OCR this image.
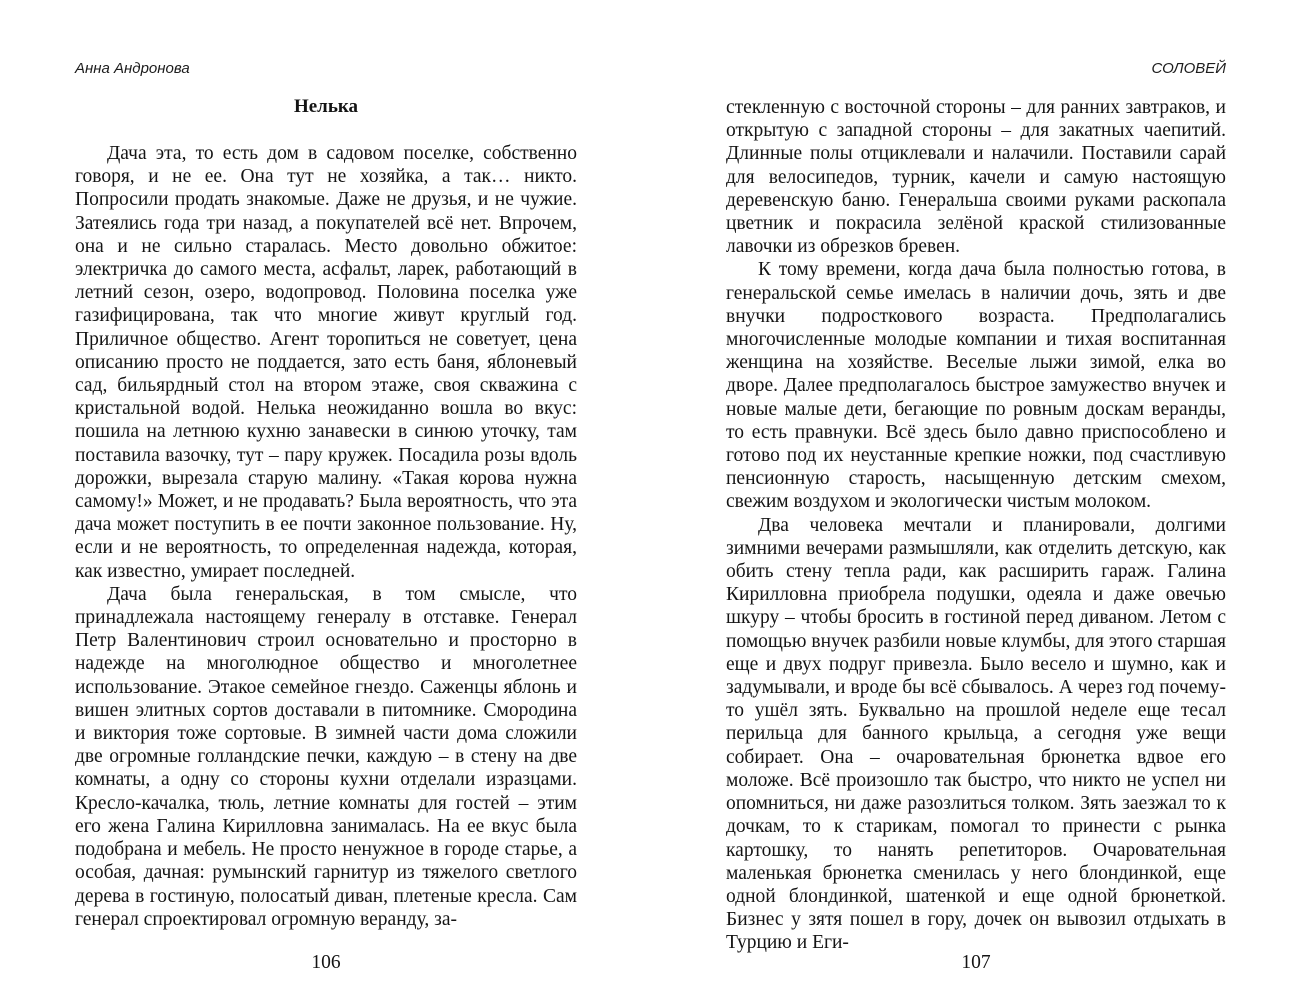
Анна Андронова
Нелька

Дача эта, то есть дом в садовом поселке, собственно говоря, и не ее. Она тут не хозяйка, а так… никто. Попросили продать знакомые. Даже не друзья, и не чужие. Затеялись года три назад, а покупателей всё нет. Впрочем, она и не сильно старалась. Место довольно обжитое: электричка до самого места, асфальт, ларек, работающий в летний сезон, озеро, водопровод. Половина поселка уже газифицирована, так что многие живут круглый год. Приличное общество. Агент торопиться не советует, цена описанию просто не поддается, зато есть баня, яблоневый сад, бильярдный стол на втором этаже, своя скважина с кристальной водой. Нелька неожиданно вошла во вкус: пошила на летнюю кухню занавески в синюю уточку, там поставила вазочку, тут – пару кружек. Посадила розы вдоль дорожки, вырезала старую малину. «Такая корова нужна самому!» Может, и не продавать? Была вероятность, что эта дача может поступить в ее почти законное пользование. Ну, если и не вероятность, то определенная надежда, которая, как известно, умирает последней.

Дача была генеральская, в том смысле, что принадлежала настоящему генералу в отставке. Генерал Петр Валентинович строил основательно и просторно в надежде на многолюдное общество и многолетнее использование. Этакое семейное гнездо. Саженцы яблонь и вишен элитных сортов доставали в питомнике. Смородина и виктория тоже сортовые. В зимней части дома сложили две огромные голландские печки, каждую – в стену на две комнаты, а одну со стороны кухни отделали изразцами. Кресло-качалка, тюль, летние комнаты для гостей – этим его жена Галина Кирилловна занималась. На ее вкус была подобрана и мебель. Не просто ненужное в городе старье, а особая, дачная: румынский гарнитур из тяжелого светлого дерева в гостиную, полосатый диван, плетеные кресла. Сам генерал спроектировал огромную веранду, за-

106
СОЛОВЕЙ

стекленную с восточной стороны – для ранних завтраков, и открытую с западной стороны – для закатных чаепитий. Длинные полы отциклевали и налачили. Поставили сарай для велосипедов, турник, качели и самую настоящую деревенскую баню. Генеральша своими руками раскопала цветник и покрасила зелёной краской стилизованные лавочки из обрезков бревен.

К тому времени, когда дача была полностью готова, в генеральской семье имелась в наличии дочь, зять и две внучки подросткового возраста. Предполагались многочисленные молодые компании и тихая воспитанная женщина на хозяйстве. Веселые лыжи зимой, елка во дворе. Далее предполагалось быстрое замужество внучек и новые малые дети, бегающие по ровным доскам веранды, то есть правнуки. Всё здесь было давно приспособлено и готово под их неустанные крепкие ножки, под счастливую пенсионную старость, насыщенную детским смехом, свежим воздухом и экологически чистым молоком.

Два человека мечтали и планировали, долгими зимними вечерами размышляли, как отделить детскую, как обить стену тепла ради, как расширить гараж. Галина Кирилловна приобрела подушки, одеяла и даже овечью шкуру – чтобы бросить в гостиной перед диваном. Летом с помощью внучек разбили новые клумбы, для этого старшая еще и двух подруг привезла. Было весело и шумно, как и задумывали, и вроде бы всё сбывалось. А через год почему-то ушёл зять. Буквально на прошлой неделе еще тесал перильца для банного крыльца, а сегодня уже вещи собирает. Она – очаровательная брюнетка вдвое его моложе. Всё произошло так быстро, что никто не успел ни опомниться, ни даже разозлиться толком. Зять заезжал то к дочкам, то к старикам, помогал то принести с рынка картошку, то нанять репетиторов. Очаровательная маленькая брюнетка сменилась у него блондинкой, еще одной блондинкой, шатенкой и еще одной брюнеткой. Бизнес у зятя пошел в гору, дочек он вывозил отдыхать в Турцию и Еги-

107
